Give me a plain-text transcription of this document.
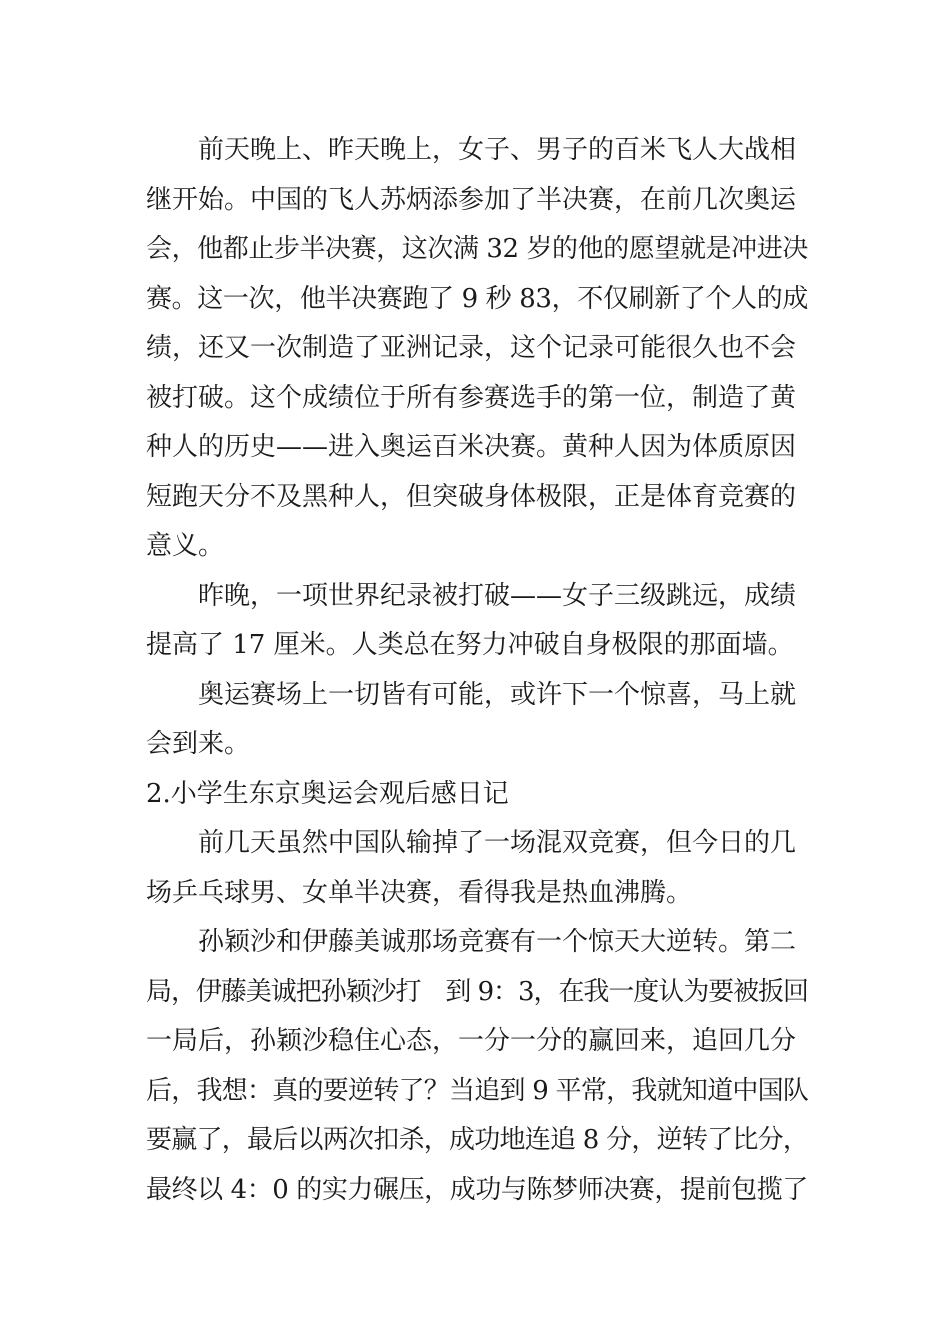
前天晚上、昨天晚上，女子、男子的百米飞人大战相
继开始。中国的飞人苏炳添参加了半决赛，在前几次奥运
会，他都止步半决赛，这次满 32 岁的他的愿望就是冲进决
赛。这一次，他半决赛跑了 9 秒 83，不仅刷新了个人的成
绩，还又一次制造了亚洲记录，这个记录可能很久也不会
被打破。这个成绩位于所有参赛选手的第一位，制造了黄
种人的历史——进入奥运百米决赛。黄种人因为体质原因
短跑天分不及黑种人，但突破身体极限，正是体育竞赛的
意义。
昨晚，一项世界纪录被打破——女子三级跳远，成绩
提高了 17 厘米。人类总在努力冲破自身极限的那面墙。
奥运赛场上一切皆有可能，或许下一个惊喜，马上就
会到来。
2.小学生东京奥运会观后感日记
前几天虽然中国队输掉了一场混双竞赛，但今日的几
场乒乓球男、女单半决赛，看得我是热血沸腾。
孙颖沙和伊藤美诚那场竞赛有一个惊天大逆转。第二
局，伊藤美诚把孙颖沙打　到 9：3，在我一度认为要被扳回
一局后，孙颖沙稳住心态，一分一分的赢回来，追回几分
后，我想：真的要逆转了？当追到 9 平常，我就知道中国队
要赢了，最后以两次扣杀，成功地连追 8 分，逆转了比分，
最终以 4：0 的实力碾压，成功与陈梦师决赛，提前包揽了
